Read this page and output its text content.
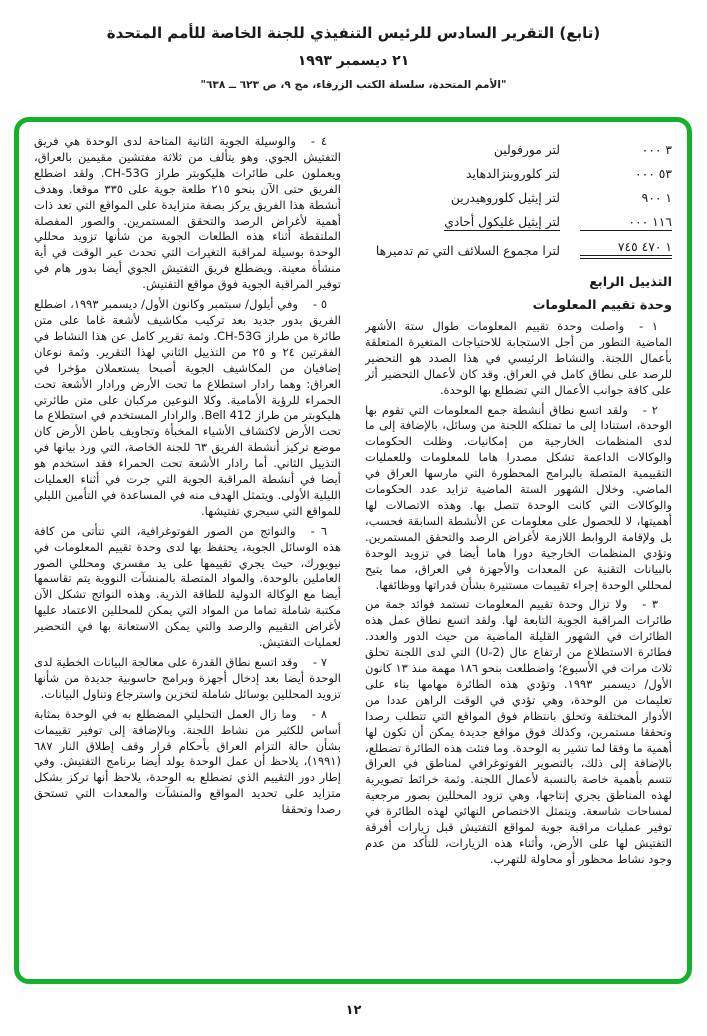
(تابع) التقرير السادس للرئيس التنفيذي للجنة الخاصة للأمم المتحدة
٢١ ديسمبر ١٩٩٣
"الأمم المتحدة، سلسلة الكتب الزرقاء، مج ٩، ص ٦٢٣ ــ ٦٣٨"
٣ ٠٠٠
لتر مورفولين
٥٣ ٠٠٠
لتر كلوروبنزالدهايد
١ ٩٠٠
لتر إيثيل كلوروهيدرين
١١٦ ٠٠٠
لتر إيثيل غليكول أحادي
١ ٤٧٠ ٧٤٥
لترا مجموع السلائف التي تم تدميرها
التذييل الرابع
وحدة تقييم المعلومات

١ -واصلت وحدة تقييم المعلومات طوال ستة الأشهر الماضية التطور من أجل الاستجابة للاحتياجات المتغيرة المتعلقة بأعمال اللجنة. والنشاط الرئيسي في هذا الصدد هو التحضير للرصد على نطاق كامل في العراق. وقد كان لأعمال التحضير أثر على كافة جوانب الأعمال التي تضطلع بها الوحدة.

٢ -ولقد اتسع نطاق أنشطة جمع المعلومات التي تقوم بها الوحدة، استنادا إلى ما تمتلكه اللجنة من وسائل، بالإضافة إلى ما لدى المنظمات الخارجية من إمكانيات. وظلت الحكومات والوكالات الداعمة تشكل مصدرا هاما للمعلومات وللعمليات التقييمية المتصلة بالبرامج المحظورة التي مارسها العراق في الماضي. وخلال الشهور الستة الماضية تزايد عدد الحكومات والوكالات التي كانت الوحدة تتصل بها. وهذه الاتصالات لها أهميتها، لا للحصول على معلومات عن الأنشطة السابقة فحسب، بل ولإقامة الروابط اللازمة لأغراض الرصد والتحقق المستمرين. وتؤدي المنظمات الخارجية دورا هاما أيضا في تزويد الوحدة بالبيانات التقنية عن المعدات والأجهزة في العراق، مما يتيح لمحللي الوحدة إجراء تقييمات مستنيرة بشأن قدراتها ووظائفها.

٣ -ولا تزال وحدة تقييم المعلومات تستمد فوائد جمة من طائرات المراقبة الجوية التابعة لها. ولقد اتسع نطاق عمل هذه الطائرات في الشهور القليلة الماضية من حيث الدور والعدد. فطائرة الاستطلاع من ارتفاع عال (U-2) التي لدى اللجنة تحلق ثلاث مرات في الأسبوع؛ واضطلعت بنحو ١٨٦ مهمة منذ ١٣ كانون الأول/ ديسمبر ١٩٩٣. وتؤدي هذه الطائرة مهامها بناء على تعليمات من الوحدة، وهي تؤدي في الوقت الراهن عددا من الأدوار المختلفة وتحلق بانتظام فوق المواقع التي تتطلب رصدا وتحققا مستمرين، وكذلك فوق مواقع جديدة يمكن أن تكون لها أهمية ما وفقا لما تشير به الوحدة. وما فتئت هذه الطائرة تضطلع، بالإضافة إلى ذلك، بالتصوير الفوتوغرافي لمناطق في العراق تتسم بأهمية خاصة بالنسبة لأعمال اللجنة. وثمة خرائط تصويرية لهذه المناطق يجري إنتاجها، وهي تزود المحللين بصور مرجعية لمساحات شاسعة. ويتمثل الاختصاص النهائي لهذه الطائرة في توفير عمليات مراقبة جوية لمواقع التفتيش قبل زيارات أفرقة التفتيش لها على الأرض، وأثناء هذه الزيارات، للتأكد من عدم وجود نشاط محظور أو محاولة للتهرب.

٤ -والوسيلة الجوية الثانية المتاحة لدى الوحدة هي فريق التفتيش الجوي. وهو يتألف من ثلاثة مفتشين مقيمين بالعراق، ويعملون على طائرات هليكوبتر طراز CH-53G. ولقد اضطلع الفريق حتى الآن بنحو ٢١٥ طلعة جوية على ٣٣٥ موقعا. وهدف أنشطة هذا الفريق يركز بصفة متزايدة على المواقع التي تعد ذات أهمية لأغراض الرصد والتحقق المستمرين. والصور المفصلة الملتقطة أثناء هذه الطلعات الجوية من شأنها تزويد محللي الوحدة بوسيلة لمراقبة التغيرات التي تحدث عبر الوقت في أية منشأة معينة. ويضطلع فريق التفتيش الجوي أيضا بدور هام في توفير المراقبة الجوية فوق مواقع التفتيش.

٥ -وفي أيلول/ سبتمبر وكانون الأول/ ديسمبر ١٩٩٣، اضطلع الفريق بدور جديد بعد تركيب مكاشيف لأشعة غاما على متن طائرة من طراز CH-53G. وثمة تقرير كامل عن هذا النشاط في الفقرتين ٢٤ و ٢٥ من التذييل الثاني لهذا التقرير. وثمة نوعان إضافيان من المكاشيف الجوية أصبحا يستعملان مؤخرا في العراق: وهما رادار استطلاع ما تحت الأرض ورادار الأشعة تحت الحمراء للرؤية الأمامية. وكلا النوعين مركبان على متن طائرتي هليكوبتر من طراز Bell 412. والرادار المستخدم في استطلاع ما تحت الأرض لاكتشاف الأشياء المخبأة وتجاويف باطن الأرض كان موضع تركيز أنشطة الفريق ٦٣ للجنة الخاصة، التي ورد بيانها في التذييل الثاني. أما رادار الأشعة تحت الحمراء فقد استخدم هو أيضا في أنشطة المراقبة الجوية التي جرت في أثناء العمليات الليلية الأولى. ويتمثل الهدف منه في المساعدة في التأمين الليلي للمواقع التي سيجري تفتيشها.

٦ -والنواتج من الصور الفوتوغرافية، التي تتأتى من كافة هذه الوسائل الجوية، يحتفظ بها لدى وحدة تقييم المعلومات في نيويورك، حيث يجري تقييمها على يد مفسري ومحللي الصور العاملين بالوحدة. والمواد المتصلة بالمنشآت النووية يتم تقاسمها أيضا مع الوكالة الدولية للطاقة الذرية. وهذه النواتج تشكل الآن مكتبة شاملة تماما من المواد التي يمكن للمحللين الاعتماد عليها لأغراض التقييم والرصد والتي يمكن الاستعانة بها في التحضير لعمليات التفتيش.

٧ -وقد اتسع نطاق القدرة على معالجة البيانات الخطية لدى الوحدة أيضا بعد إدخال أجهزة وبرامج حاسوبية جديدة من شأنها تزويد المحللين بوسائل شاملة لتخزين واسترجاع وتناول البيانات.

٨ -وما زال العمل التحليلي المضطلع به في الوحدة بمثابة أساس للكثير من نشاط اللجنة. وبالإضافة إلى توفير تقييمات بشأن حالة التزام العراق بأحكام قرار وقف إطلاق النار ٦٨٧ (١٩٩١)، يلاحظ أن عمل الوحدة يولد أيضا برنامج التفتيش. وفي إطار دور التقييم الذي تضطلع به الوحدة، يلاحظ أنها تركز بشكل متزايد على تحديد المواقع والمنشآت والمعدات التي تستحق رصدا وتحققا

١٢
